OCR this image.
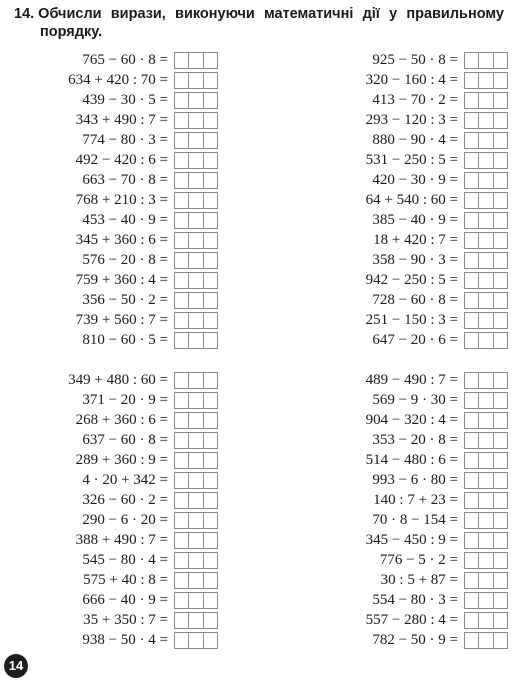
14. Обчисли вирази, виконуючи математичні дії у правильному
порядку.
765 − 60 · 8 =
634 + 420 : 70 =
439 − 30 · 5 =
343 + 490 : 7 =
774 − 80 · 3 =
492 − 420 : 6 =
663 − 70 · 8 =
768 + 210 : 3 =
453 − 40 · 9 =
345 + 360 : 6 =
576 − 20 · 8 =
759 + 360 : 4 =
356 − 50 · 2 =
739 + 560 : 7 =
810 − 60 · 5 =
925 − 50 · 8 =
320 − 160 : 4 =
413 − 70 · 2 =
293 − 120 : 3 =
880 − 90 · 4 =
531 − 250 : 5 =
420 − 30 · 9 =
64 + 540 : 60 =
385 − 40 · 9 =
18 + 420 : 7 =
358 − 90 · 3 =
942 − 250 : 5 =
728 − 60 · 8 =
251 − 150 : 3 =
647 − 20 · 6 =
349 + 480 : 60 =
371 − 20 · 9 =
268 + 360 : 6 =
637 − 60 · 8 =
289 + 360 : 9 =
4 · 20 + 342 =
326 − 60 · 2 =
290 − 6 · 20 =
388 + 490 : 7 =
545 − 80 · 4 =
575 + 40 : 8 =
666 − 40 · 9 =
35 + 350 : 7 =
938 − 50 · 4 =
489 − 490 : 7 =
569 − 9 · 30 =
904 − 320 : 4 =
353 − 20 · 8 =
514 − 480 : 6 =
993 − 6 · 80 =
140 : 7 + 23 =
70 · 8 − 154 =
345 − 450 : 9 =
776 − 5 · 2 =
30 : 5 + 87 =
554 − 80 · 3 =
557 − 280 : 4 =
782 − 50 · 9 =
14
